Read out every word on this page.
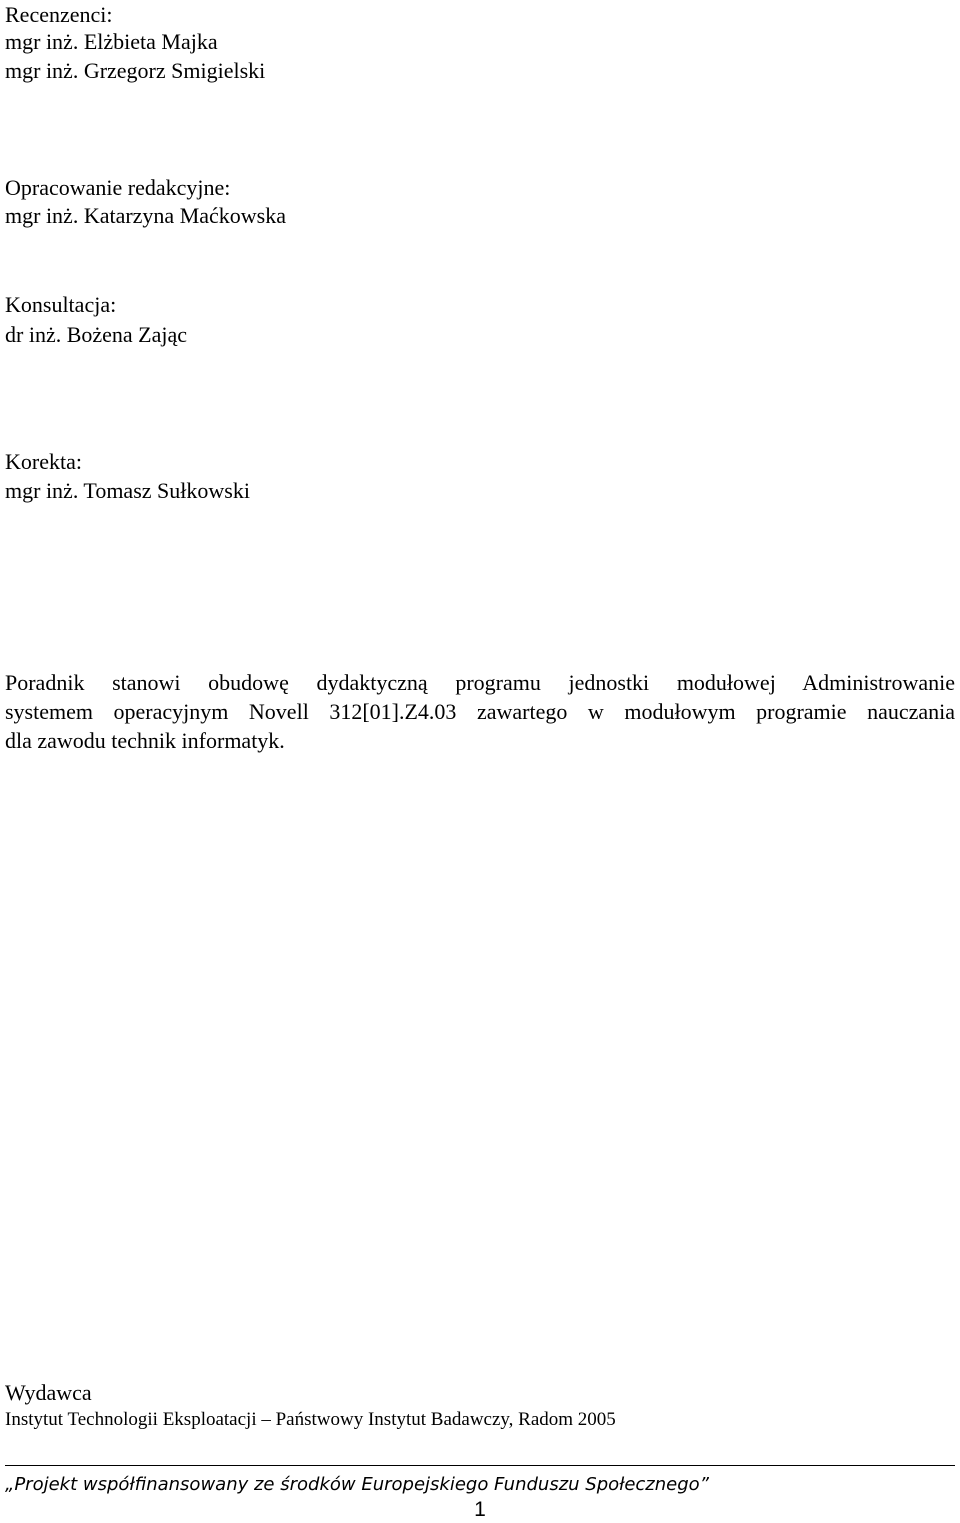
Recenzenci:
mgr inż. Elżbieta Majka
mgr inż. Grzegorz Smigielski
Opracowanie redakcyjne:
mgr inż. Katarzyna Maćkowska
Konsultacja:
dr inż. Bożena Zając
Korekta:
mgr inż. Tomasz Sułkowski
Poradnik stanowi obudowę dydaktyczną programu jednostki modułowej Administrowanie
systemem operacyjnym Novell 312[01].Z4.03 zawartego w modułowym programie nauczania
dla zawodu technik informatyk.
Wydawca
Instytut Technologii Eksploatacji – Państwowy Instytut Badawczy, Radom 2005
„Projekt współfinansowany ze środków Europejskiego Funduszu Społecznego”
1
